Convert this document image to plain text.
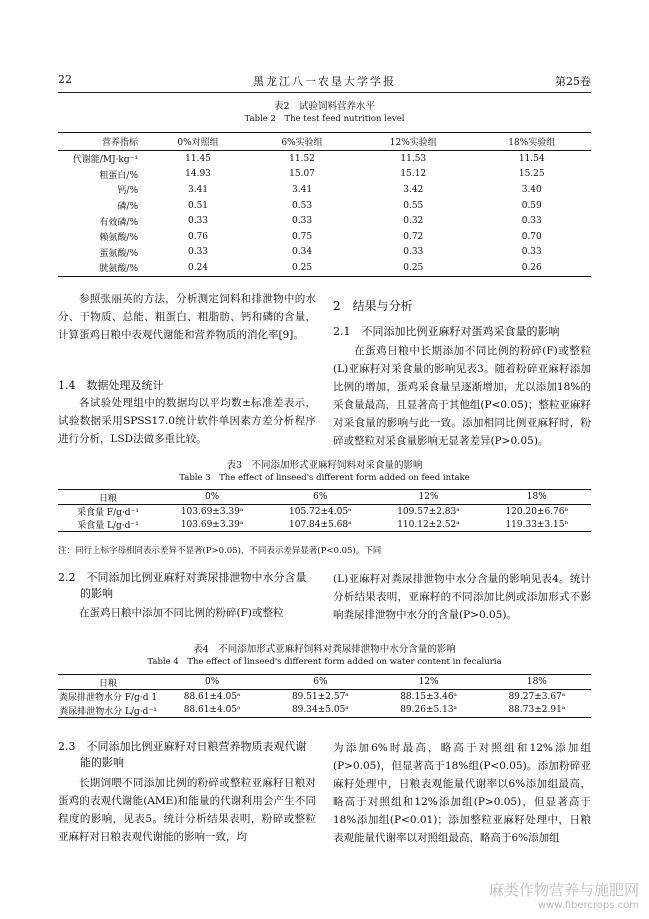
22	黑龙江八一农垦大学学报	第25卷
表2　试验饲料营养水平
Table 2　The test feed nutrition level
营养指标	0%对照组	6%实验组	12%实验组	18%实验组
代谢能/MJ·kg⁻¹	11.45	11.52	11.53	11.54
粗蛋白/%	14.93	15.07	15.12	15.25
钙/%	3.41	3.41	3.42	3.40
磷/%	0.51	0.53	0.55	0.59
有效磷/%	0.33	0.33	0.32	0.33
赖氨酸/%	0.76	0.75	0.72	0.70
蛋氨酸/%	0.33	0.34	0.33	0.33
胱氨酸/%	0.24	0.25	0.25	0.26
参照张丽英的方法，分析测定饲料和排泄物中的水分、干物质、总能、粗蛋白、粗脂肪、钙和磷的含量，计算蛋鸡日粮中表观代谢能和营养物质的消化率[9]。
1.4　数据处理及统计
各试验处理组中的数据均以平均数±标准差表示，试验数据采用SPSS17.0统计软件单因素方差分析程序进行分析，LSD法做多重比较。
2　结果与分析
2.1　不同添加比例亚麻籽对蛋鸡采食量的影响
在蛋鸡日粮中长期添加不同比例的粉碎(F)或整粒(L)亚麻籽对采食量的影响见表3。随着粉碎亚麻籽添加比例的增加，蛋鸡采食量呈逐渐增加，尤以添加18%的采食量最高，且显著高于其他组(P<0.05)；整粒亚麻籽对采食量的影响与此一致。添加相同比例亚麻籽时，粉碎或整粒对采食量影响无显著差异(P>0.05)。
表3　不同添加形式亚麻籽饲料对采食量的影响
Table 3　The effect of linseed's different form added on feed intake
日粮	0%	6%	12%	18%
采食量 F/g·d⁻¹	103.69±3.39ᵃ	105.72±4.05ᵃ	109.57±2.83ᵃ	120.20±6.76ᵇ
采食量 L/g·d⁻¹	103.69±3.39ᵃ	107.84±5.68ᵃ	110.12±2.52ᵃ	119.33±3.15ᵇ
注：同行上标字母相同表示差异不显著(P>0.05)，不同表示差异显著(P<0.05)。下同
2.2　不同添加比例亚麻籽对粪尿排泄物中水分含量
的影响
在蛋鸡日粮中添加不同比例的粉碎(F)或整粒
(L)亚麻籽对粪尿排泄物中水分含量的影响见表4。统计分析结果表明，亚麻籽的不同添加比例或添加形式不影响粪尿排泄物中水分的含量(P>0.05)。
表4　不同添加形式亚麻籽饲料对粪尿排泄物中水分含量的影响
Table 4　The effect of linseed's different form added on water content in fecaluria
日粮	0%	6%	12%	18%
粪尿排泄物水分 F/g·d 1	88.61±4.05ᵃ	89.51±2.57ᵃ	88.15±3.46ᵃ	89.27±3.67ᵃ
粪尿排泄物水分 L/g·d⁻¹	88.61±4.05ᵃ	89.34±5.05ᵃ	89.26±5.13ᵃ	88.73±2.91ᵃ
2.3　不同添加比例亚麻籽对日粮营养物质表观代谢
能的影响
长期饲喂不同添加比例的粉碎或整粒亚麻籽日粮对蛋鸡的表观代谢能(AME)和能量的代谢利用会产生不同程度的影响，见表5。统计分析结果表明，粉碎或整粒亚麻籽对日粮表观代谢能的影响一致，均
为添加6%时最高，略高于对照组和12%添加组(P>0.05)，但显著高于18%组(P<0.05)。添加粉碎亚麻籽处理中，日粮表观能量代谢率以6%添加组最高，略高于对照组和12%添加组(P>0.05)，但显著高于18%添加组(P<0.01)；添加整粒亚麻籽处理中，日粮表观能量代谢率以对照组最高，略高于6%添加组
麻类作物营养与施肥网
www.fibercrops.com
